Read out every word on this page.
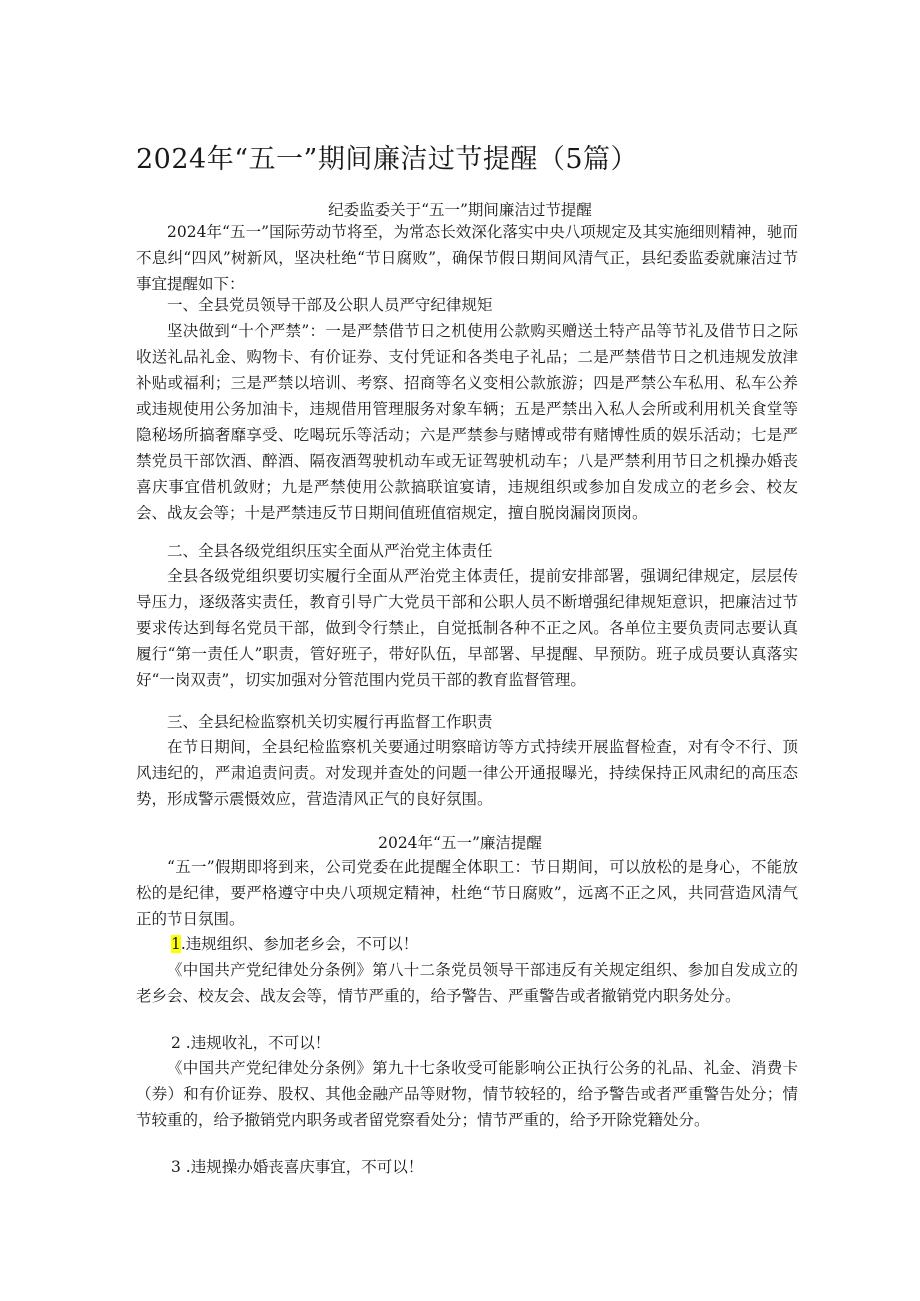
2024年“五一”期间廉洁过节提醒（5篇）
纪委监委关于“五一”期间廉洁过节提醒

2024年“五一”国际劳动节将至，为常态长效深化落实中央八项规定及其实施细则精神，驰而不息纠“四风”树新风，坚决杜绝“节日腐败”，确保节假日期间风清气正，县纪委监委就廉洁过节事宜提醒如下：

一、全县党员领导干部及公职人员严守纪律规矩

坚决做到“十个严禁”：一是严禁借节日之机使用公款购买赠送土特产品等节礼及借节日之际收送礼品礼金、购物卡、有价证券、支付凭证和各类电子礼品；二是严禁借节日之机违规发放津补贴或福利；三是严禁以培训、考察、招商等名义变相公款旅游；四是严禁公车私用、私车公养或违规使用公务加油卡，违规借用管理服务对象车辆；五是严禁出入私人会所或利用机关食堂等隐秘场所搞奢靡享受、吃喝玩乐等活动；六是严禁参与赌博或带有赌博性质的娱乐活动；七是严禁党员干部饮酒、醉酒、隔夜酒驾驶机动车或无证驾驶机动车；八是严禁利用节日之机操办婚丧喜庆事宜借机敛财；九是严禁使用公款搞联谊宴请，违规组织或参加自发成立的老乡会、校友会、战友会等；十是严禁违反节日期间值班值宿规定，擅自脱岗漏岗顶岗。

二、全县各级党组织压实全面从严治党主体责任

全县各级党组织要切实履行全面从严治党主体责任，提前安排部署，强调纪律规定，层层传导压力，逐级落实责任，教育引导广大党员干部和公职人员不断增强纪律规矩意识，把廉洁过节要求传达到每名党员干部，做到令行禁止，自觉抵制各种不正之风。各单位主要负责同志要认真履行“第一责任人”职责，管好班子，带好队伍，早部署、早提醒、早预防。班子成员要认真落实好“一岗双责”，切实加强对分管范围内党员干部的教育监督管理。

三、全县纪检监察机关切实履行再监督工作职责

在节日期间，全县纪检监察机关要通过明察暗访等方式持续开展监督检查，对有令不行、顶风违纪的，严肃追责问责。对发现并查处的问题一律公开通报曝光，持续保持正风肃纪的高压态势，形成警示震慑效应，营造清风正气的良好氛围。

2024年“五一”廉洁提醒

“五一”假期即将到来，公司党委在此提醒全体职工：节日期间，可以放松的是身心，不能放松的是纪律，要严格遵守中央八项规定精神，杜绝“节日腐败”，远离不正之风，共同营造风清气正的节日氛围。

1.违规组织、参加老乡会，不可以！

《中国共产党纪律处分条例》第八十二条党员领导干部违反有关规定组织、参加自发成立的老乡会、校友会、战友会等，情节严重的，给予警告、严重警告或者撤销党内职务处分。

2 .违规收礼，不可以！

《中国共产党纪律处分条例》第九十七条收受可能影响公正执行公务的礼品、礼金、消费卡（券）和有价证券、股权、其他金融产品等财物，情节较轻的，给予警告或者严重警告处分；情节较重的，给予撤销党内职务或者留党察看处分；情节严重的，给予开除党籍处分。

3 .违规操办婚丧喜庆事宜，不可以！
